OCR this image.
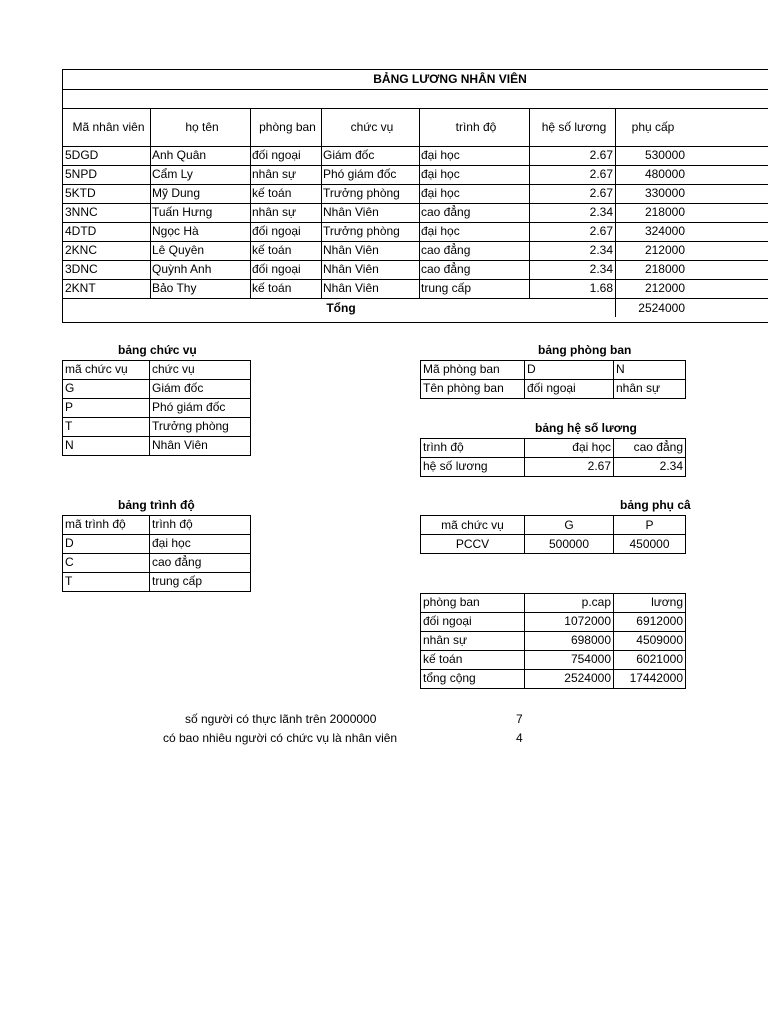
BẢNG LƯƠNG NHÂN VIÊN
Mã nhân viên	họ tên	phòng ban	chức vụ	trình độ	hệ số lương	phụ cấp
5DGD	Anh Quân	đối ngoại	Giám đốc	đại học	2.67	530000
5NPD	Cẩm Ly	nhân sự	Phó giám đốc	đại học	2.67	480000
5KTD	Mỹ Dung	kế toán	Trưởng phòng	đại học	2.67	330000
3NNC	Tuấn Hưng	nhân sự	Nhân Viên	cao đẳng	2.34	218000
4DTD	Ngọc Hà	đối ngoại	Trưởng phòng	đại học	2.67	324000
2KNC	Lê Quyên	kế toán	Nhân Viên	cao đẳng	2.34	212000
3DNC	Quỳnh Anh	đối ngoại	Nhân Viên	cao đẳng	2.34	218000
2KNT	Bảo Thy	kế toán	Nhân Viên	trung cấp	1.68	212000
Tổng	2524000
bảng chức vụ
mã chức vụ	chức vụ
G	Giám đốc
P	Phó giám đốc
T	Trưởng phòng
N	Nhân Viên
bảng phòng ban
Mã phòng ban	D	N
Tên phòng ban	đối ngoại	nhân sự
bảng hệ số lương
trình độ	đại học	cao đẳng
hệ số lương	2.67	2.34
bảng trình độ
mã trình độ	trình độ
D	đại học
C	cao đẳng
T	trung cấp
bảng phụ câ
mã chức vụ	G	P
PCCV	500000	450000
phòng ban	p.cap	lương
đối ngoại	1072000	6912000
nhân sự	698000	4509000
kế toán	754000	6021000
tổng cộng	2524000	17442000
số người có thực lãnh trên 2000000	7
có bao nhiêu người có chức vụ là nhân viên	4
